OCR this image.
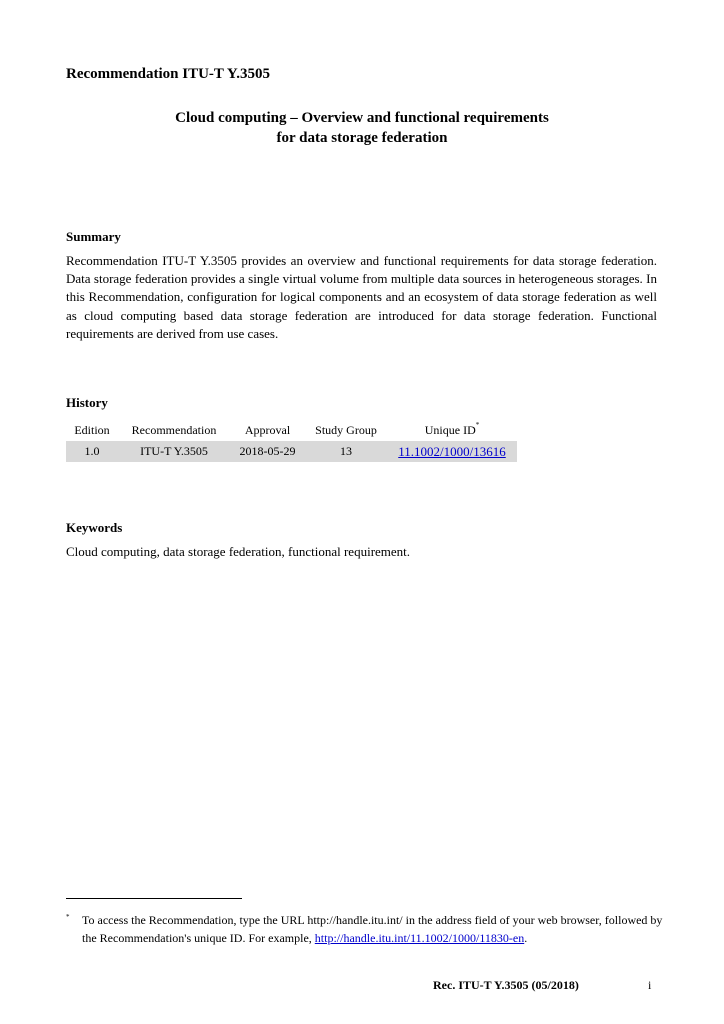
Recommendation ITU-T Y.3505
Cloud computing – Overview and functional requirements
for data storage federation
Summary
Recommendation ITU-T Y.3505 provides an overview and functional requirements for data storage federation. Data storage federation provides a single virtual volume from multiple data sources in heterogeneous storages. In this Recommendation, configuration for logical components and an ecosystem of data storage federation as well as cloud computing based data storage federation are introduced for data storage federation. Functional requirements are derived from use cases.
History
Edition	Recommendation	Approval	Study Group	Unique ID*
1.0	ITU-T Y.3505	2018-05-29	13	11.1002/1000/13616
Keywords
Cloud computing, data storage federation, functional requirement.
* To access the Recommendation, type the URL http://handle.itu.int/ in the address field of your web browser, followed by the Recommendation's unique ID. For example, http://handle.itu.int/11.1002/1000/11830-en.
Rec. ITU-T Y.3505 (05/2018)	i
